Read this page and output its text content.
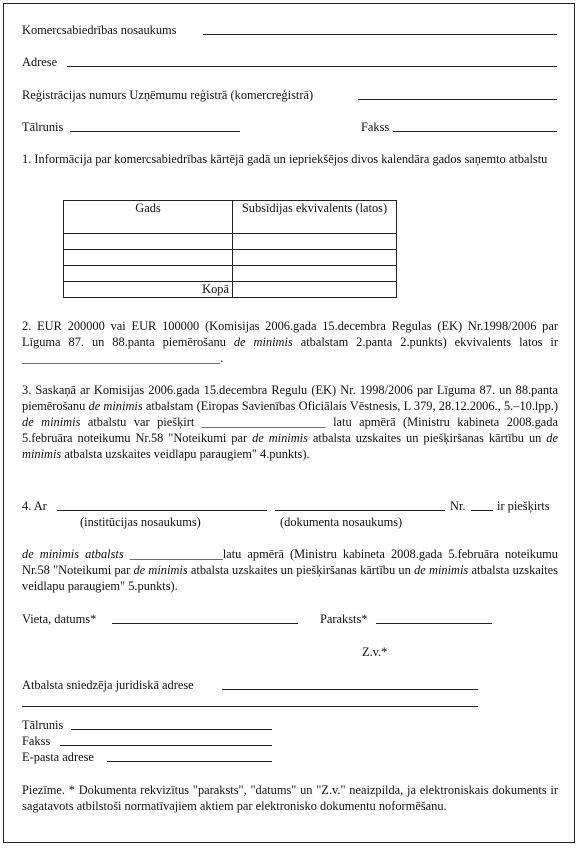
Komercsabiedrības nosaukums
Adrese
Reģistrācijas numurs Uzņēmumu reģistrā (komercreģistrā)
Tālrunis	Fakss
1. Informācija par komercsabiedrības kārtējā gadā un iepriekšējos divos kalendāra gados saņemto atbalstu
Gads	Subsīdijas ekvivalents (latos)

Kopā	
2. EUR 200000 vai EUR 100000 (Komisijas 2006.gada 15.decembra Regulas (EK) Nr.1998/2006 par Līguma 87. un 88.panta piemērošanu de minimis atbalstam 2.panta 2.punkts) ekvivalents latos ir ________________________________.
3. Saskaņā ar Komisijas 2006.gada 15.decembra Regulu (EK) Nr. 1998/2006 par Līguma 87. un 88.panta piemērošanu de minimis atbalstam (Eiropas Savienības Oficiālais Vēstnesis, L 379, 28.12.2006., 5.–10.lpp.) de minimis atbalstu var piešķirt ____________________ latu apmērā (Ministru kabineta 2008.gada 5.februāra noteikumu Nr.58 "Noteikumi par de minimis atbalsta uzskaites un piešķiršanas kārtību un de minimis atbalsta uzskaites veidlapu paraugiem" 4.punkts).
4. Ar	Nr.	ir piešķirts
(institūcijas nosaukums)	(dokumenta nosaukums)
de minimis atbalsts _______________latu apmērā (Ministru kabineta 2008.gada 5.februāra noteikumu Nr.58 "Noteikumi par de minimis atbalsta uzskaites un piešķiršanas kārtību un de minimis atbalsta uzskaites veidlapu paraugiem" 5.punkts).
Vieta, datums*	Paraksts*
Z.v.*
Atbalsta sniedzēja juridiskā adrese
Tālrunis
Fakss
E-pasta adrese
Piezīme. * Dokumenta rekvizītus "paraksts", "datums" un "Z.v." neaizpilda, ja elektroniskais dokuments ir sagatavots atbilstoši normatīvajiem aktiem par elektronisko dokumentu noformēšanu.
